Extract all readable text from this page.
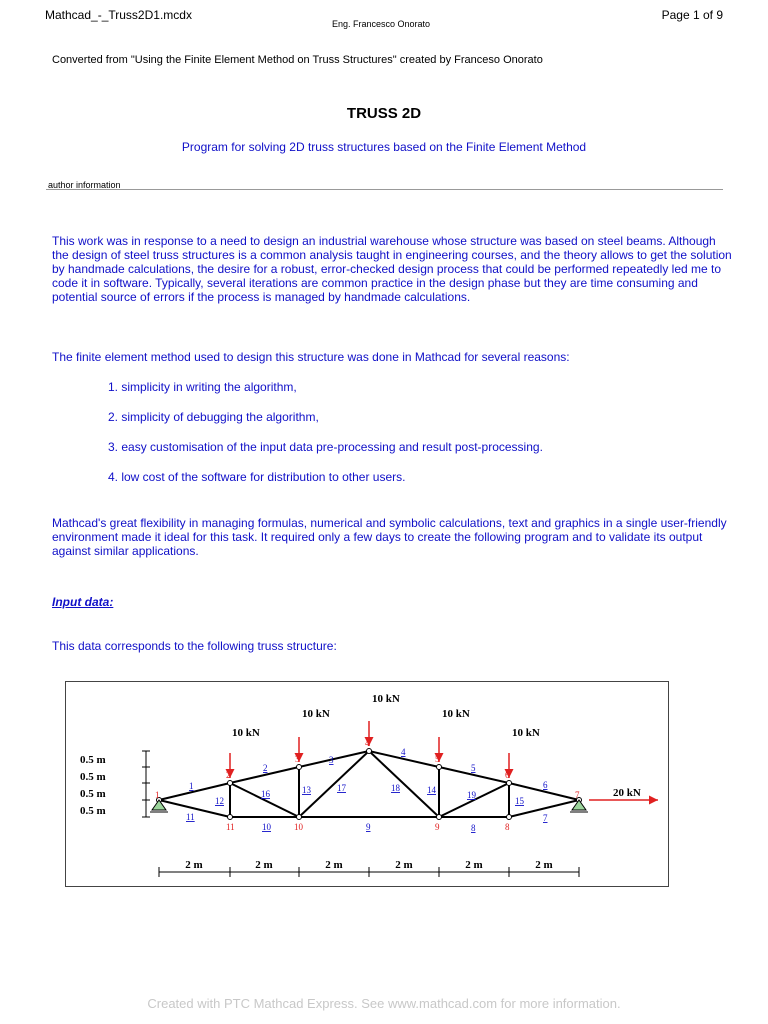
Mathcad_-_Truss2D1.mcdx
Eng. Francesco Onorato
Page 1 of 9
Converted from "Using the Finite Element Method on Truss Structures" created by Franceso Onorato
TRUSS 2D
Program for solving 2D truss structures based on the Finite Element Method
author information
This work was in response to a need to design an industrial warehouse whose structure was based on steel beams. Although the design of steel truss structures is a common analysis taught in engineering courses, and the theory allows to get the solution by handmade calculations, the desire for a robust, error-checked design process that could be performed repeatedly led me to code it in software. Typically, several iterations are common practice in the design phase but they are time consuming and potential source of errors if the process is managed by handmade calculations.
The finite element method used to design this structure was done in Mathcad for several reasons:
1. simplicity in writing the algorithm,
2. simplicity of debugging the algorithm,
3. easy customisation of the input data pre-processing and result post-processing.
4. low cost of the software for distribution to other users.
Mathcad's great flexibility in managing formulas, numerical and symbolic calculations, text and graphics in a single user-friendly environment made it ideal for this task. It required only a few days to create the following program and to validate its output against similar applications.
Input data:
This data corresponds to the following truss structure:
10 kN
10 kN
10 kN
10 kN
10 kN
20 kN
1
2
3
4
5
6
7
8
9
10
11
1
2
3
4
5
6
7
8
9
10
11
12
13	14
15
16
17	18
19
0.5 m
0.5 m
0.5 m
0.5 m
2 m	2 m	2 m	2 m	2 m	2 m
Created with PTC Mathcad Express. See www.mathcad.com for more information.
